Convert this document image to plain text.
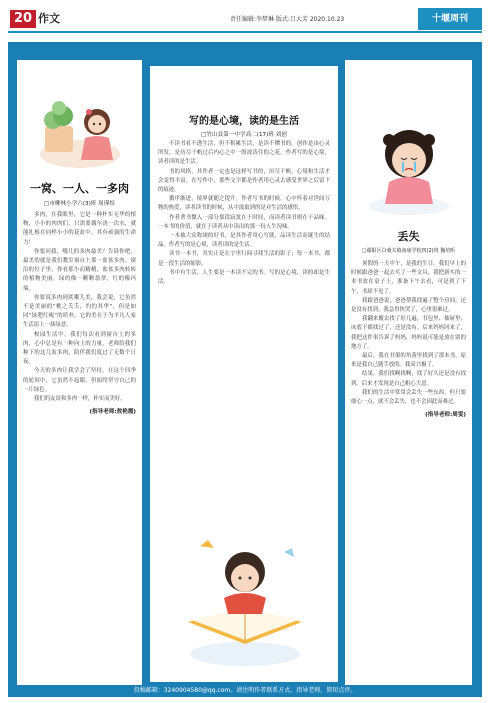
20 作文	责任编辑:李梦琳 版式:吕大芳 2020.10.23	十堰周刊
一窝、一人、一多肉
□市柳林小学六(3)班 周瑾煊

多肉，在我眼里，它是一种朴实无华的植物，小小的肉肉们，只需要偶尔浇一次水，就能扎根在同样小小的花盆中，其有顽强的生命力！

你要问我，哪儿的多肉最美？告诉你吧，最美的就是我们教室窗台上那一盆盆多肉。窗沿的位子里，你看那小而精精，盆盆多肉转转的植物美丽，绿的像一颗颗翡翠，红的像玛瑙。

你要说多肉到底哪儿美，我会说，它虽然不是美丽的“桃之夭夭，灼灼其华”，但是如同“绿肥红瘦”的质朴。它的美在于为平凡人家生活添上一抹绿意。

校园生活中，我们每次看到窗台上的多肉，心中总是有一种向上的力量。老师给我们种下的这几盆多肉，陪伴我们度过了无数个日夜。

今天的多肉让我学会了坚持，在这个四季的轮回中，它虽然不起眼，但始终坚守自己的一片绿色。

我们的友谊和多肉一样，朴实而美好。

(指导老师:敖艳霞)
写的是心境，读的是生活
□竹山县第一中学高二(17)班 刘创

不读书看不透生活，但不积累生活，是读不懂书的。创作是由心灵所发，是历尽千帆过后内心之中一股波涛往的之花。作者写的是心境，读者读的是生活。

书的风格，其作者一定也是这样写书的，历尽千帆，心境和生活才会变得丰富。在写作中，那些文字都是作者用心灵去感受世界之后留下的痕迹。

循序渐进，境界就随之提升。作者写书的时候，心中怀着对世间万物的热爱，读者读书的时候，从中汲取到的是对生活的感悟。

作者著书微入一部分那段寂寞在于时间，而读者读书则在于品味。一本书的价值，就在于读者从中读出的那一份人生况味。

一本被大众称颂的好书，是其作者用心写就、品读生活而诞生的结晶。作者写的是心境，读者读的是生活。

读书一本书，其实正是在字里行间寻找生活的影子；每一本书，都是一段生活的缩影。

书中有生活，人生要是一本读不完的书。写的是心境，读的却是生活。

丢失
□鄢阳区白桑关镇南庙学校四(2)班 魏培昕

暑假的一天中午，是我的生日。我们早上的时候跟爸爸一起去买了一些文具，我把新买的一本书放在桌子上，准备下午去看，可是到了下午，书却不见了。

我跟爸爸说，爸爸帮我找遍了整个房间，还是没有找到。我急得快哭了，心里很难过。

我翻来覆去找了好几遍，书包里、抽屉里、床底下都找过了，还是没有。后来妈妈回来了，我把这件事告诉了妈妈，妈妈说可能是放在别的地方了。

最后，我在书架的角落里找到了那本书，原来是我自己随手放的。我高兴极了。

结果，我们找啊找啊，找了好久还是没有找到。后来才发现是自己粗心大意。

我们的生活中常常会丢失一些东西，但只要细心一点，就不会丢失，也不会因此而难过。

(指导老师:周雯)
投稿邮箱：3240904580@qq.com。请注明作者联系方式，指导老师，简短点评。
